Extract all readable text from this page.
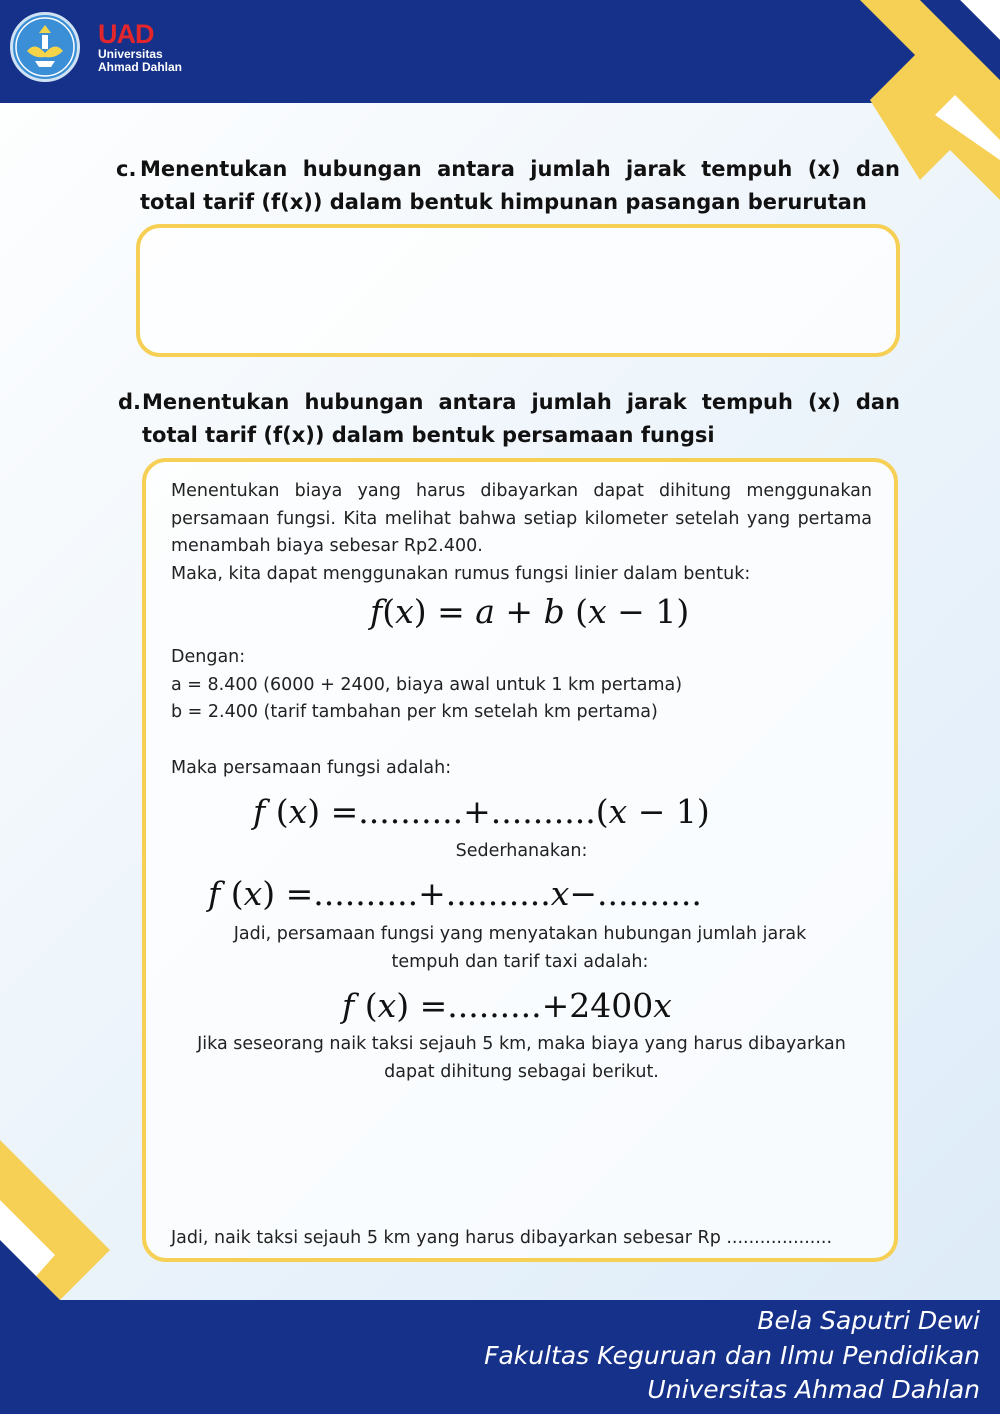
UAD
Universitas
Ahmad Dahlan
c. Menentukan hubungan antara jumlah jarak tempuh (x) dan total tarif (f(x)) dalam bentuk himpunan pasangan berurutan
d. Menentukan hubungan antara jumlah jarak tempuh (x) dan total tarif (f(x)) dalam bentuk persamaan fungsi
Menentukan biaya yang harus dibayarkan dapat dihitung menggunakan persamaan fungsi. Kita melihat bahwa setiap kilometer setelah yang pertama menambah biaya sebesar Rp2.400.
Maka, kita dapat menggunakan rumus fungsi linier dalam bentuk:
f(x) = a + b (x − 1)
Dengan:
a = 8.400 (6000 + 2400, biaya awal untuk 1 km pertama)
b = 2.400 (tarif tambahan per km setelah km pertama)
Maka persamaan fungsi adalah:
f (x) =..........+..........(x − 1)
Sederhanakan:
f (x) =..........+..........x−..........
Jadi, persamaan fungsi yang menyatakan hubungan jumlah jarak tempuh dan tarif taxi adalah:
f (x) =.........+2400x
Jika seseorang naik taksi sejauh 5 km, maka biaya yang harus dibayarkan dapat dihitung sebagai berikut.
Jadi, naik taksi sejauh 5 km yang harus dibayarkan sebesar Rp ...................
Bela Saputri Dewi
Fakultas Keguruan dan Ilmu Pendidikan
Universitas Ahmad Dahlan
